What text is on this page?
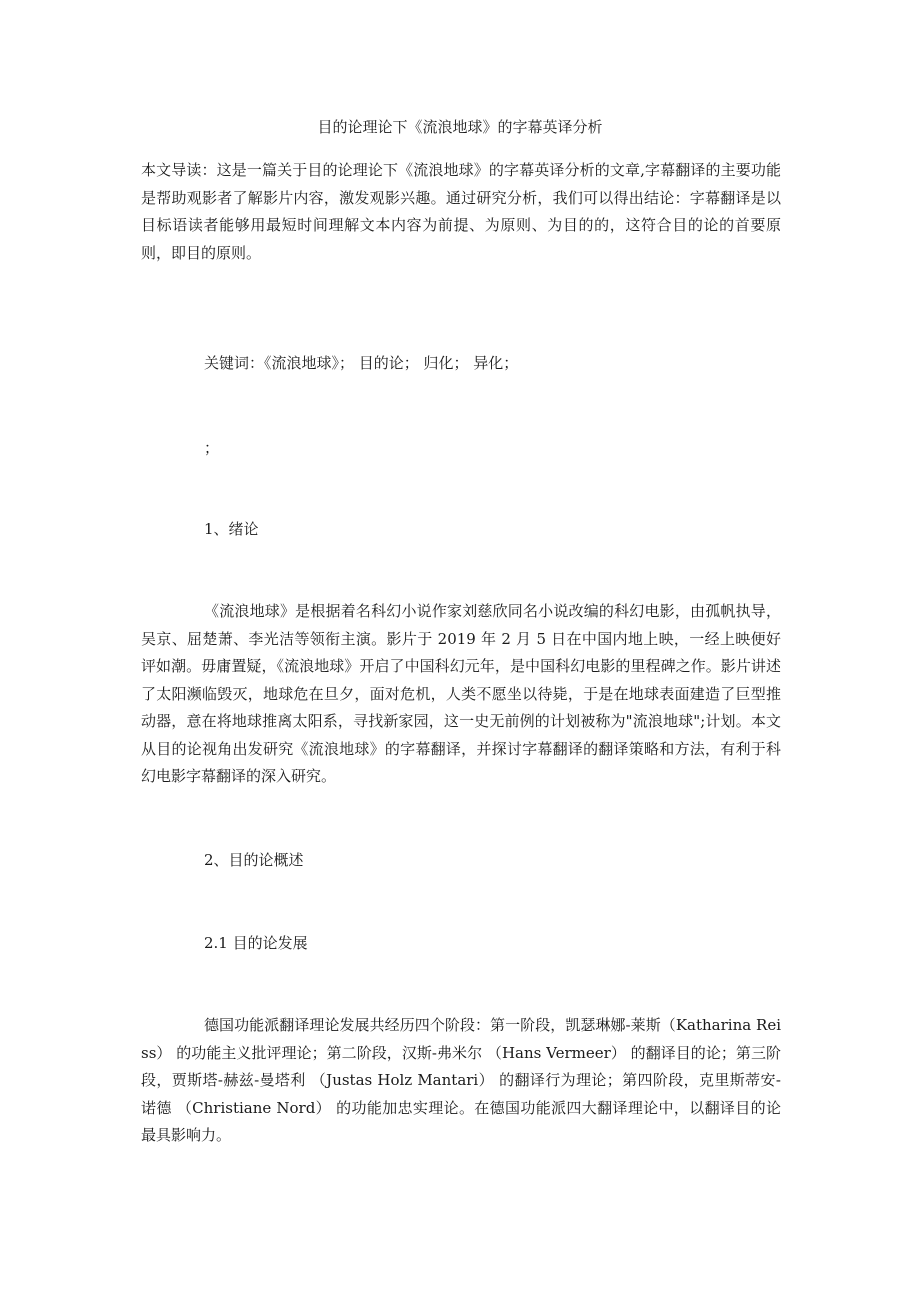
目的论理论下《流浪地球》的字幕英译分析
本文导读：这是一篇关于目的论理论下《流浪地球》的字幕英译分析的文章,字幕翻译的主要功能是帮助观影者了解影片内容，激发观影兴趣。通过研究分析，我们可以得出结论：字幕翻译是以目标语读者能够用最短时间理解文本内容为前提、为原则、为目的的，这符合目的论的首要原则，即目的原则。
关键词：《流浪地球》； 目的论； 归化； 异化；
；
1、绪论
《流浪地球》是根据着名科幻小说作家刘慈欣同名小说改编的科幻电影，由孤帆执导，吴京、屈楚萧、李光洁等领衔主演。影片于 2019 年 2 月 5 日在中国内地上映，一经上映便好评如潮。毋庸置疑，《流浪地球》开启了中国科幻元年，是中国科幻电影的里程碑之作。影片讲述了太阳濒临毁灭，地球危在旦夕，面对危机，人类不愿坐以待毙，于是在地球表面建造了巨型推动器，意在将地球推离太阳系，寻找新家园，这一史无前例的计划被称为"流浪地球";计划。本文从目的论视角出发研究《流浪地球》的字幕翻译，并探讨字幕翻译的翻译策略和方法，有利于科幻电影字幕翻译的深入研究。
2、目的论概述
2.1 目的论发展
德国功能派翻译理论发展共经历四个阶段：第一阶段，凯瑟琳娜-莱斯（Katharina Reiss） 的功能主义批评理论；第二阶段，汉斯-弗米尔 （Hans Vermeer） 的翻译目的论；第三阶段，贾斯塔-赫兹-曼塔利 （Justas Holz Mantari） 的翻译行为理论；第四阶段，克里斯蒂安-诺德 （Christiane Nord） 的功能加忠实理论。在德国功能派四大翻译理论中，以翻译目的论最具影响力。
